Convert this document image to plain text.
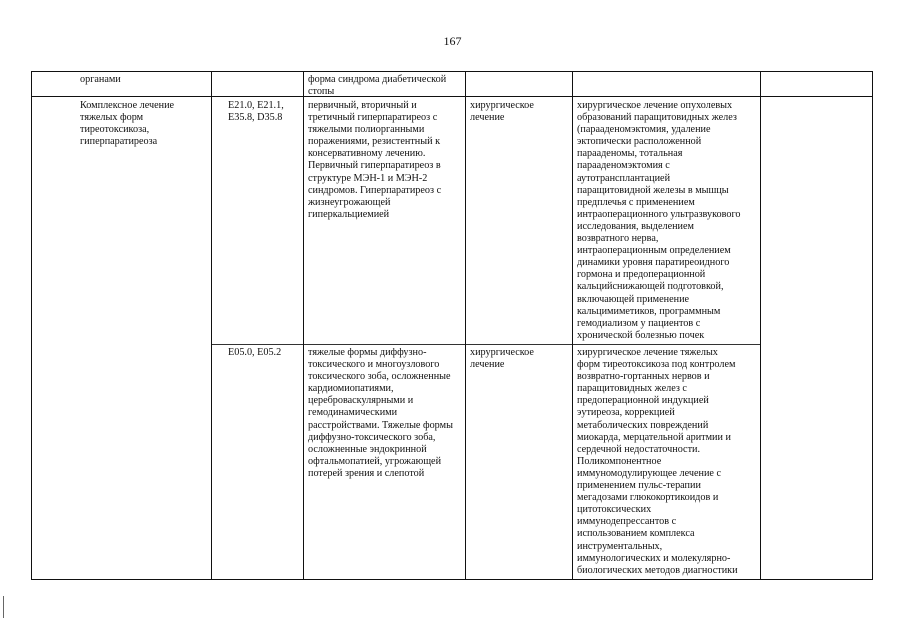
167
органами	форма синдрома диабетической стопы
Комплексное лечение
тяжелых форм
тиреотоксикоза,
гиперпаратиреоза
E21.0, E21.1,
E35.8, D35.8
первичный, вторичный и
третичный гиперпаратиреоз с
тяжелыми полиорганными
поражениями, резистентный к
консервативному лечению.
Первичный гиперпаратиреоз в
структуре МЭН-1 и МЭН-2
синдромов. Гиперпаратиреоз с
жизнеугрожающей
гиперкальциемией
хирургическое
лечение
хирургическое лечение опухолевых
образований паращитовидных желез
(парааденомэктомия, удаление
эктопически расположенной
парааденомы, тотальная
парааденомэктомия с
аутотрансплантацией
паращитовидной железы в мышцы
предплечья с применением
интраоперационного ультразвукового
исследования, выделением
возвратного нерва,
интраоперационным определением
динамики уровня паратиреоидного
гормона и предоперационной
кальцийснижающей подготовкой,
включающей применение
кальцимиметиков, программным
гемодиализом у пациентов с
хронической болезнью почек
E05.0, E05.2	тяжелые формы диффузно-
токсического и многоузлового
токсического зоба, осложненные
кардиомиопатиями,
цереброваскулярными и
гемодинамическими
расстройствами. Тяжелые формы
диффузно-токсического зоба,
осложненные эндокринной
офтальмопатией, угрожающей
потерей зрения и слепотой
хирургическое
лечение
хирургическое лечение тяжелых
форм тиреотоксикоза под контролем
возвратно-гортанных нервов и
паращитовидных желез с
предоперационной индукцией
эутиреоза, коррекцией
метаболических повреждений
миокарда, мерцательной аритмии и
сердечной недостаточности.
Поликомпонентное
иммуномодулирующее лечение с
применением пульс-терапии
мегадозами глюкокортикоидов и
цитотоксических
иммунодепрессантов с
использованием комплекса
инструментальных,
иммунологических и молекулярно-
биологических методов диагностики
